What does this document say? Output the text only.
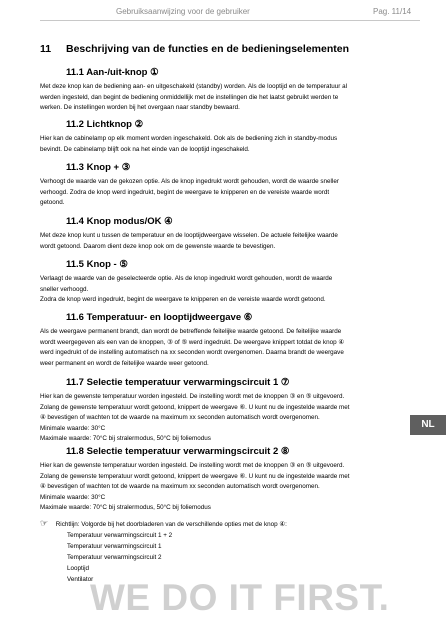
Gebruiksaanwijzing voor de gebruiker	Pag. 11/14
11 Beschrijving van de functies en de bedieningselementen
11.1 Aan-/uit-knop ①
Met deze knop kan de bediening aan- en uitgeschakeld (standby) worden. Als de looptijd en de temperatuur al
werden ingesteld, dan begint de bediening onmiddellijk met de instellingen die het laatst gebruikt werden te
werken. De instellingen worden bij het overgaan naar standby bewaard.
11.2 Lichtknop ②
Hier kan de cabinelamp op elk moment worden ingeschakeld. Ook als de bediening zich in standby-modus
bevindt. De cabinelamp blijft ook na het einde van de looptijd ingeschakeld.
11.3 Knop + ③
Verhoogt de waarde van de gekozen optie. Als de knop ingedrukt wordt gehouden, wordt de waarde sneller
verhoogd. Zodra de knop werd ingedrukt, begint de weergave te knipperen en de vereiste waarde wordt
getoond.
11.4 Knop modus/OK ④
Met deze knop kunt u tussen de temperatuur en de looptijdweergave wisselen. De actuele feitelijke waarde
wordt getoond. Daarom dient deze knop ook om de gewenste waarde te bevestigen.
11.5 Knop - ⑤
Verlaagt de waarde van de geselecteerde optie. Als de knop ingedrukt wordt gehouden, wordt de waarde
sneller verhoogd.
Zodra de knop werd ingedrukt, begint de weergave te knipperen en de vereiste waarde wordt getoond.
11.6 Temperatuur- en looptijdweergave ⑥
Als de weergave permanent brandt, dan wordt de betreffende feitelijke waarde getoond. De feitelijke waarde
wordt weergegeven als een van de knoppen, ③ of ⑤ werd ingedrukt. De weergave knippert totdat de knop ④
werd ingedrukt of de instelling automatisch na xx seconden wordt overgenomen. Daarna brandt de weergave
weer permanent en wordt de feitelijke waarde weer getoond.
11.7 Selectie temperatuur verwarmingscircuit 1 ⑦
Hier kan de gewenste temperatuur worden ingesteld. De instelling wordt met de knoppen ③ en ⑤ uitgevoerd.
Zolang de gewenste temperatuur wordt getoond, knippert de weergave ⑥. U kunt nu de ingestelde waarde met
④ bevestigen of wachten tot de waarde na maximum xx seconden automatisch wordt overgenomen.
Minimale waarde: 30°C
Maximale waarde: 70°C bij stralermodus, 50°C bij foliemodus
11.8 Selectie temperatuur verwarmingscircuit 2 ⑧
Hier kan de gewenste temperatuur worden ingesteld. De instelling wordt met de knoppen ③ en ⑤ uitgevoerd.
Zolang de gewenste temperatuur wordt getoond, knippert de weergave ⑥. U kunt nu de ingestelde waarde met
④ bevestigen of wachten tot de waarde na maximum xx seconden automatisch wordt overgenomen.
Minimale waarde: 30°C
Maximale waarde: 70°C bij stralermodus, 50°C bij foliemodus
NL
☞ Richtlijn: Volgorde bij het doorbladeren van de verschillende opties met de knop ④:
Temperatuur verwarmingscircuit 1 + 2
Temperatuur verwarmingscircuit 1
Temperatuur verwarmingscircuit 2
Looptijd
Ventilator
WE DO IT FIRST.
